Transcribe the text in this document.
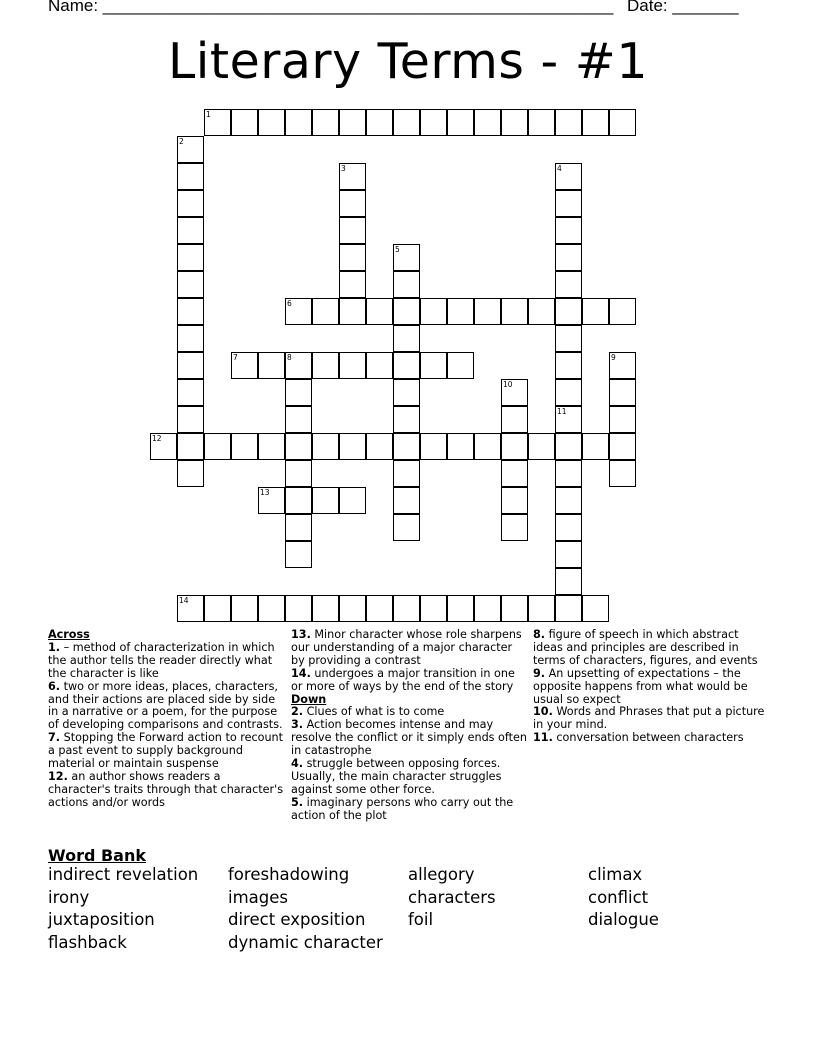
Name: ______________________________________________________ Date: _______
Literary Terms - #1
1
2
3	4
5
6
7	8	9
10
11
12
13
14
Across
1. – method of characterization in which the author tells the reader directly what the character is like
6. two or more ideas, places, characters, and their actions are placed side by side in a narrative or a poem, for the purpose of developing comparisons and contrasts.
7. Stopping the Forward action to recount a past event to supply background material or maintain suspense
12. an author shows readers a character's traits through that character's actions and/or words
13. Minor character whose role sharpens our understanding of a major character by providing a contrast
14. undergoes a major transition in one or more of ways by the end of the story
Down
2. Clues of what is to come
3. Action becomes intense and may resolve the conflict or it simply ends often in catastrophe
4. struggle between opposing forces. Usually, the main character struggles against some other force.
5. imaginary persons who carry out the action of the plot
8. figure of speech in which abstract ideas and principles are described in terms of characters, figures, and events
9. An upsetting of expectations – the opposite happens from what would be usual so expect
10. Words and Phrases that put a picture in your mind.
11. conversation between characters
Word Bank
indirect revelation
irony
juxtaposition
flashback
foreshadowing
images
direct exposition
dynamic character
allegory
characters
foil
climax
conflict
dialogue
